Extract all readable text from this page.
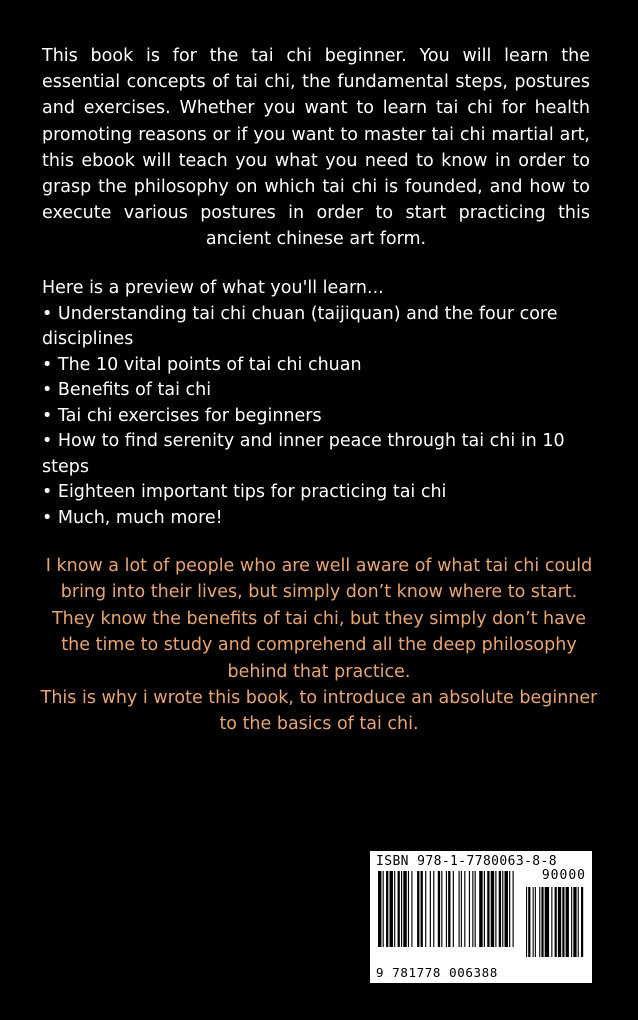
This book is for the tai chi beginner. You will learn the essential concepts of tai chi, the fundamental steps, postures and exercises. Whether you want to learn tai chi for health promoting reasons or if you want to master tai chi martial art, this ebook will teach you what you need to know in order to grasp the philosophy on which tai chi is founded, and how to execute various postures in order to start practicing this ancient chinese art form.

Here is a preview of what you'll learn...

• Understanding tai chi chuan (taijiquan) and the four core disciplines
• The 10 vital points of tai chi chuan
• Benefits of tai chi
• Tai chi exercises for beginners
• How to find serenity and inner peace through tai chi in 10 steps
• Eighteen important tips for practicing tai chi
• Much, much more!

I know a lot of people who are well aware of what tai chi could bring into their lives, but simply don’t know where to start. They know the benefits of tai chi, but they simply don’t have the time to study and comprehend all the deep philosophy behind that practice.

This is why i wrote this book, to introduce an absolute beginner to the basics of tai chi.

ISBN 978-1-7780063-8-8
90000
9 781778 006388
